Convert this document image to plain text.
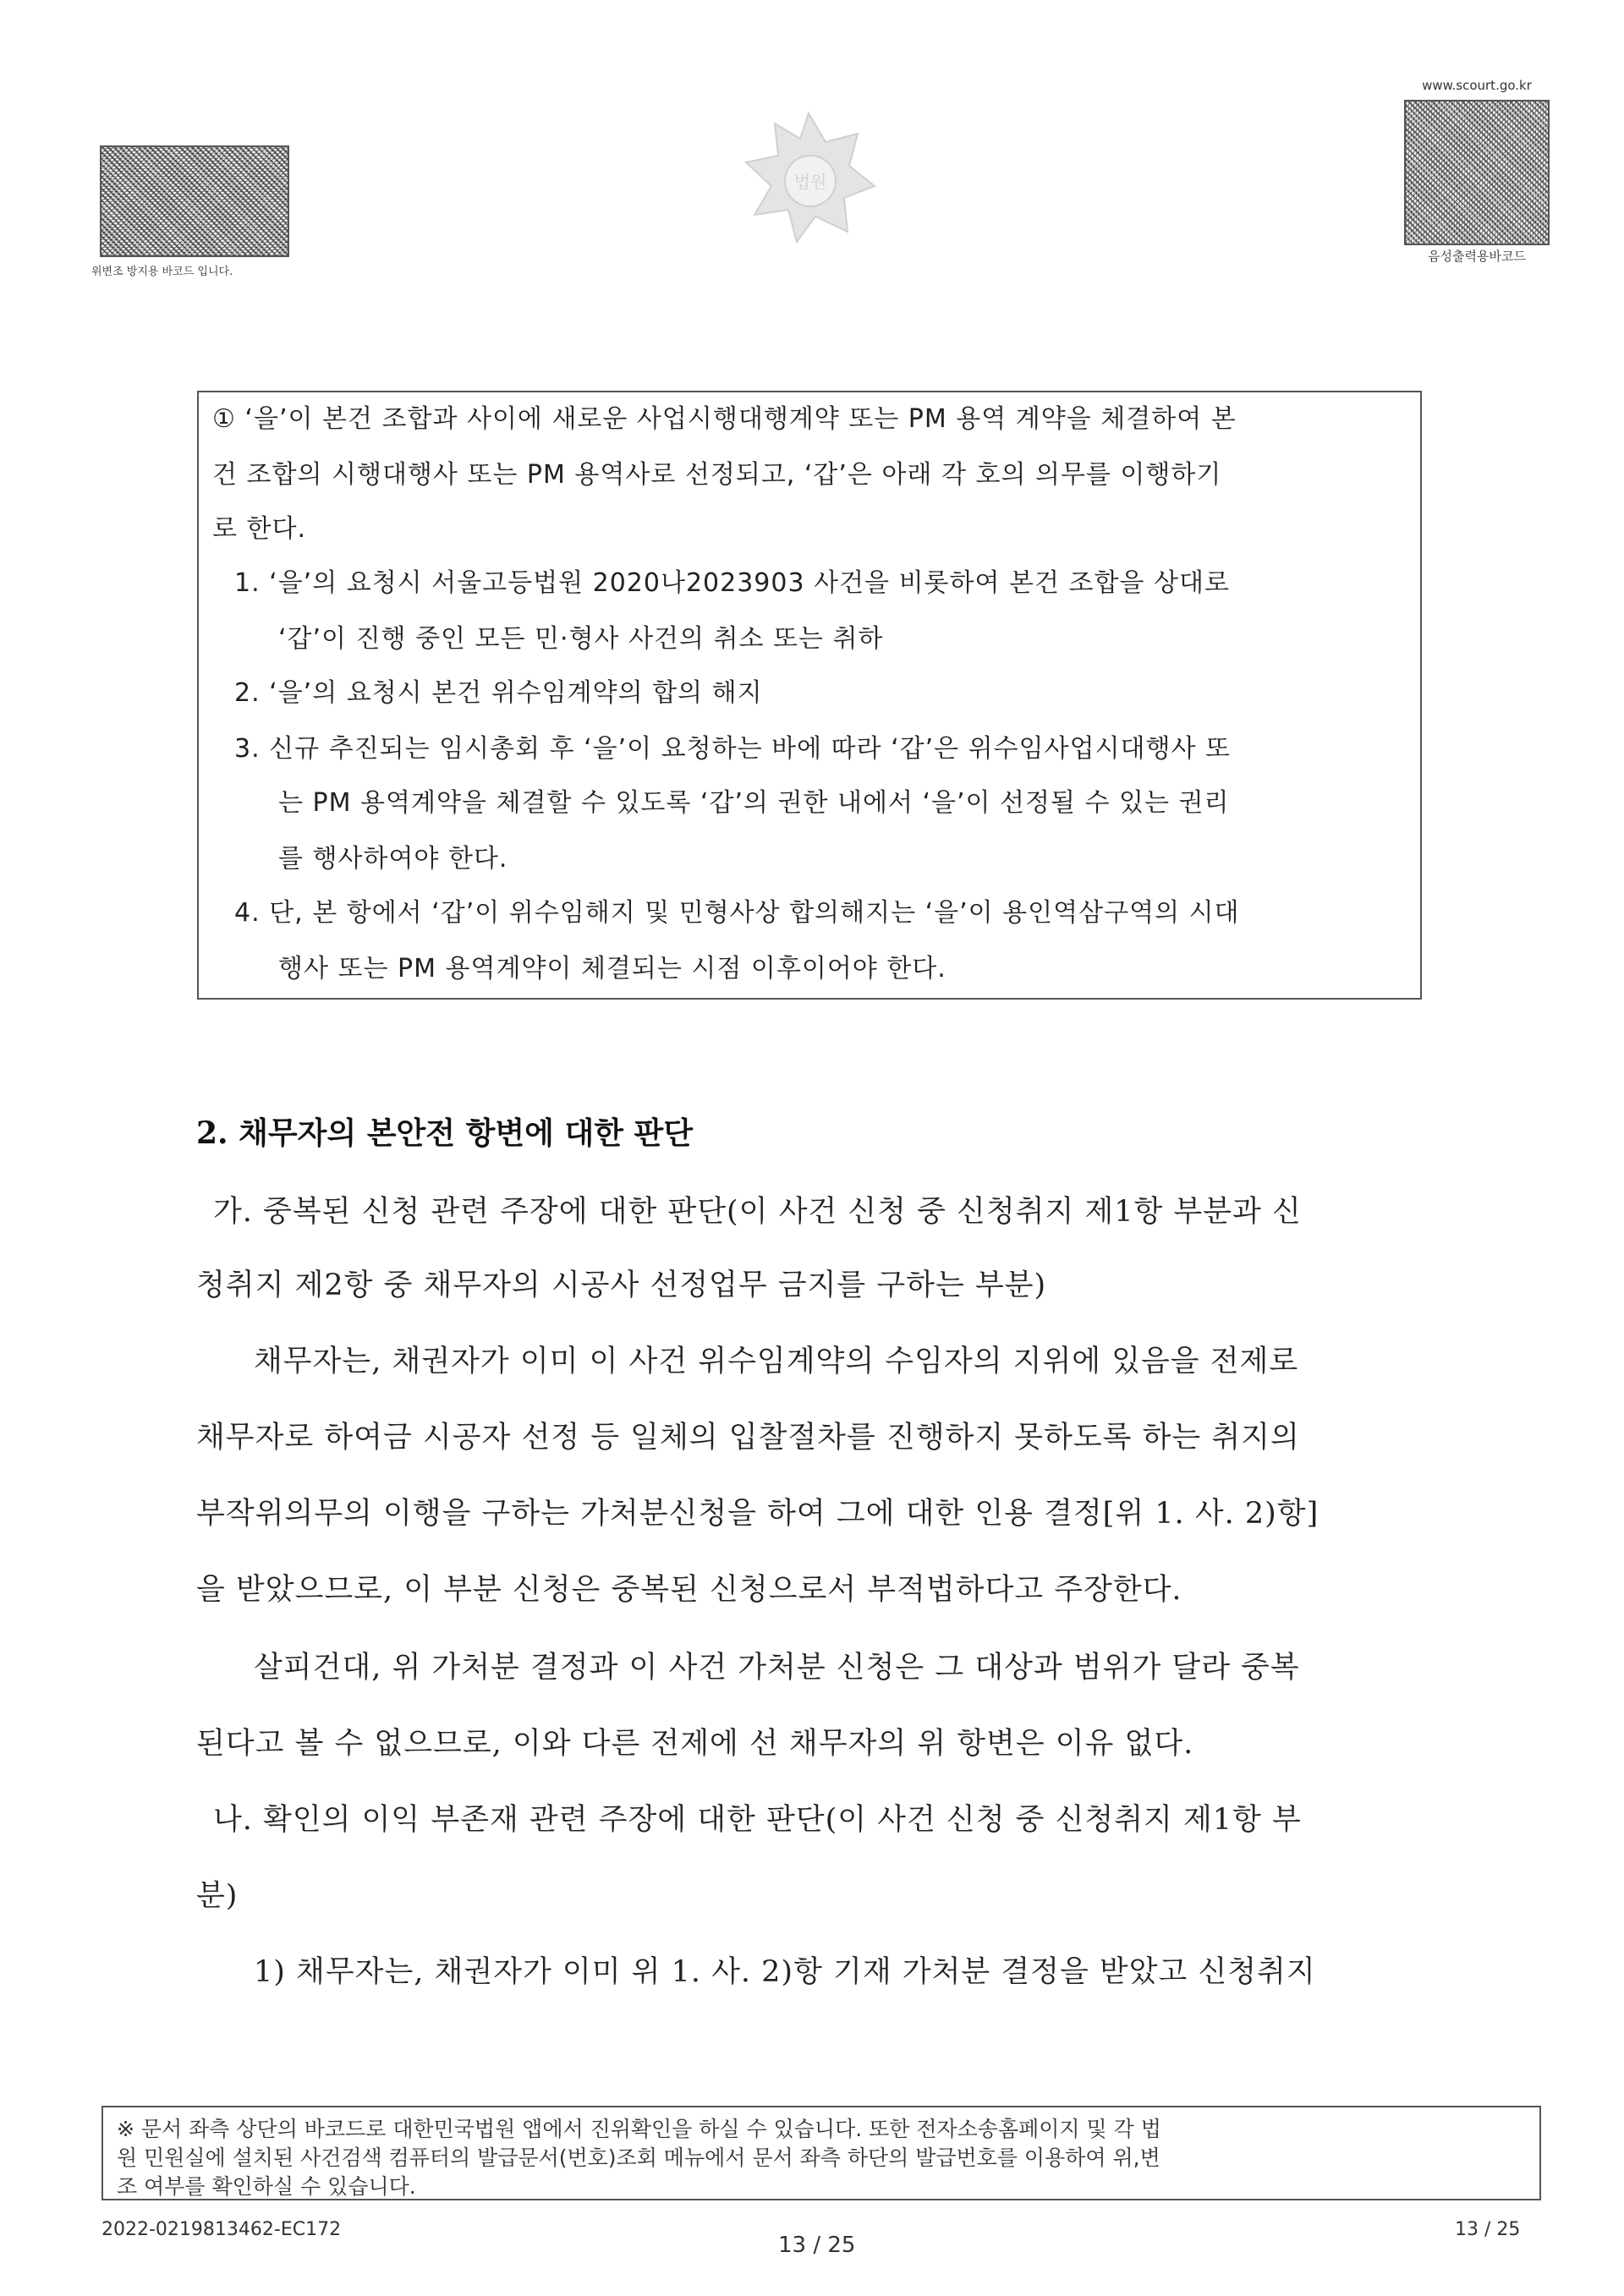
위변조 방지용 바코드 입니다.
법원
www.scourt.go.kr
음성출력용바코드
① ‘을’이 본건 조합과 사이에 새로운 사업시행대행계약 또는 PM 용역 계약을 체결하여 본
건 조합의 시행대행사 또는 PM 용역사로 선정되고, ‘갑’은 아래 각 호의 의무를 이행하기
로 한다.
1. ‘을’의 요청시 서울고등법원 2020나2023903 사건을 비롯하여 본건 조합을 상대로
‘갑’이 진행 중인 모든 민·형사 사건의 취소 또는 취하
2. ‘을’의 요청시 본건 위수임계약의 합의 해지
3. 신규 추진되는 임시총회 후 ‘을’이 요청하는 바에 따라 ‘갑’은 위수임사업시대행사 또
는 PM 용역계약을 체결할 수 있도록 ‘갑’의 권한 내에서 ‘을’이 선정될 수 있는 권리
를 행사하여야 한다.
4. 단, 본 항에서 ‘갑’이 위수임해지 및 민형사상 합의해지는 ‘을’이 용인역삼구역의 시대
행사 또는 PM 용역계약이 체결되는 시점 이후이어야 한다.
2. 채무자의 본안전 항변에 대한 판단
가. 중복된 신청 관련 주장에 대한 판단(이 사건 신청 중 신청취지 제1항 부분과 신
청취지 제2항 중 채무자의 시공사 선정업무 금지를 구하는 부분)
채무자는, 채권자가 이미 이 사건 위수임계약의 수임자의 지위에 있음을 전제로
채무자로 하여금 시공자 선정 등 일체의 입찰절차를 진행하지 못하도록 하는 취지의
부작위의무의 이행을 구하는 가처분신청을 하여 그에 대한 인용 결정[위 1. 사. 2)항]
을 받았으므로, 이 부분 신청은 중복된 신청으로서 부적법하다고 주장한다.
살피건대, 위 가처분 결정과 이 사건 가처분 신청은 그 대상과 범위가 달라 중복
된다고 볼 수 없으므로, 이와 다른 전제에 선 채무자의 위 항변은 이유 없다.
나. 확인의 이익 부존재 관련 주장에 대한 판단(이 사건 신청 중 신청취지 제1항 부
분)
1) 채무자는, 채권자가 이미 위 1. 사. 2)항 기재 가처분 결정을 받았고 신청취지
※ 문서 좌측 상단의 바코드로 대한민국법원 앱에서 진위확인을 하실 수 있습니다. 또한 전자소송홈페이지 및 각 법
원 민원실에 설치된 사건검색 컴퓨터의 발급문서(번호)조회 메뉴에서 문서 좌측 하단의 발급번호를 이용하여 위,변
조 여부를 확인하실 수 있습니다.
2022-0219813462-EC172
13 / 25
13 / 25
